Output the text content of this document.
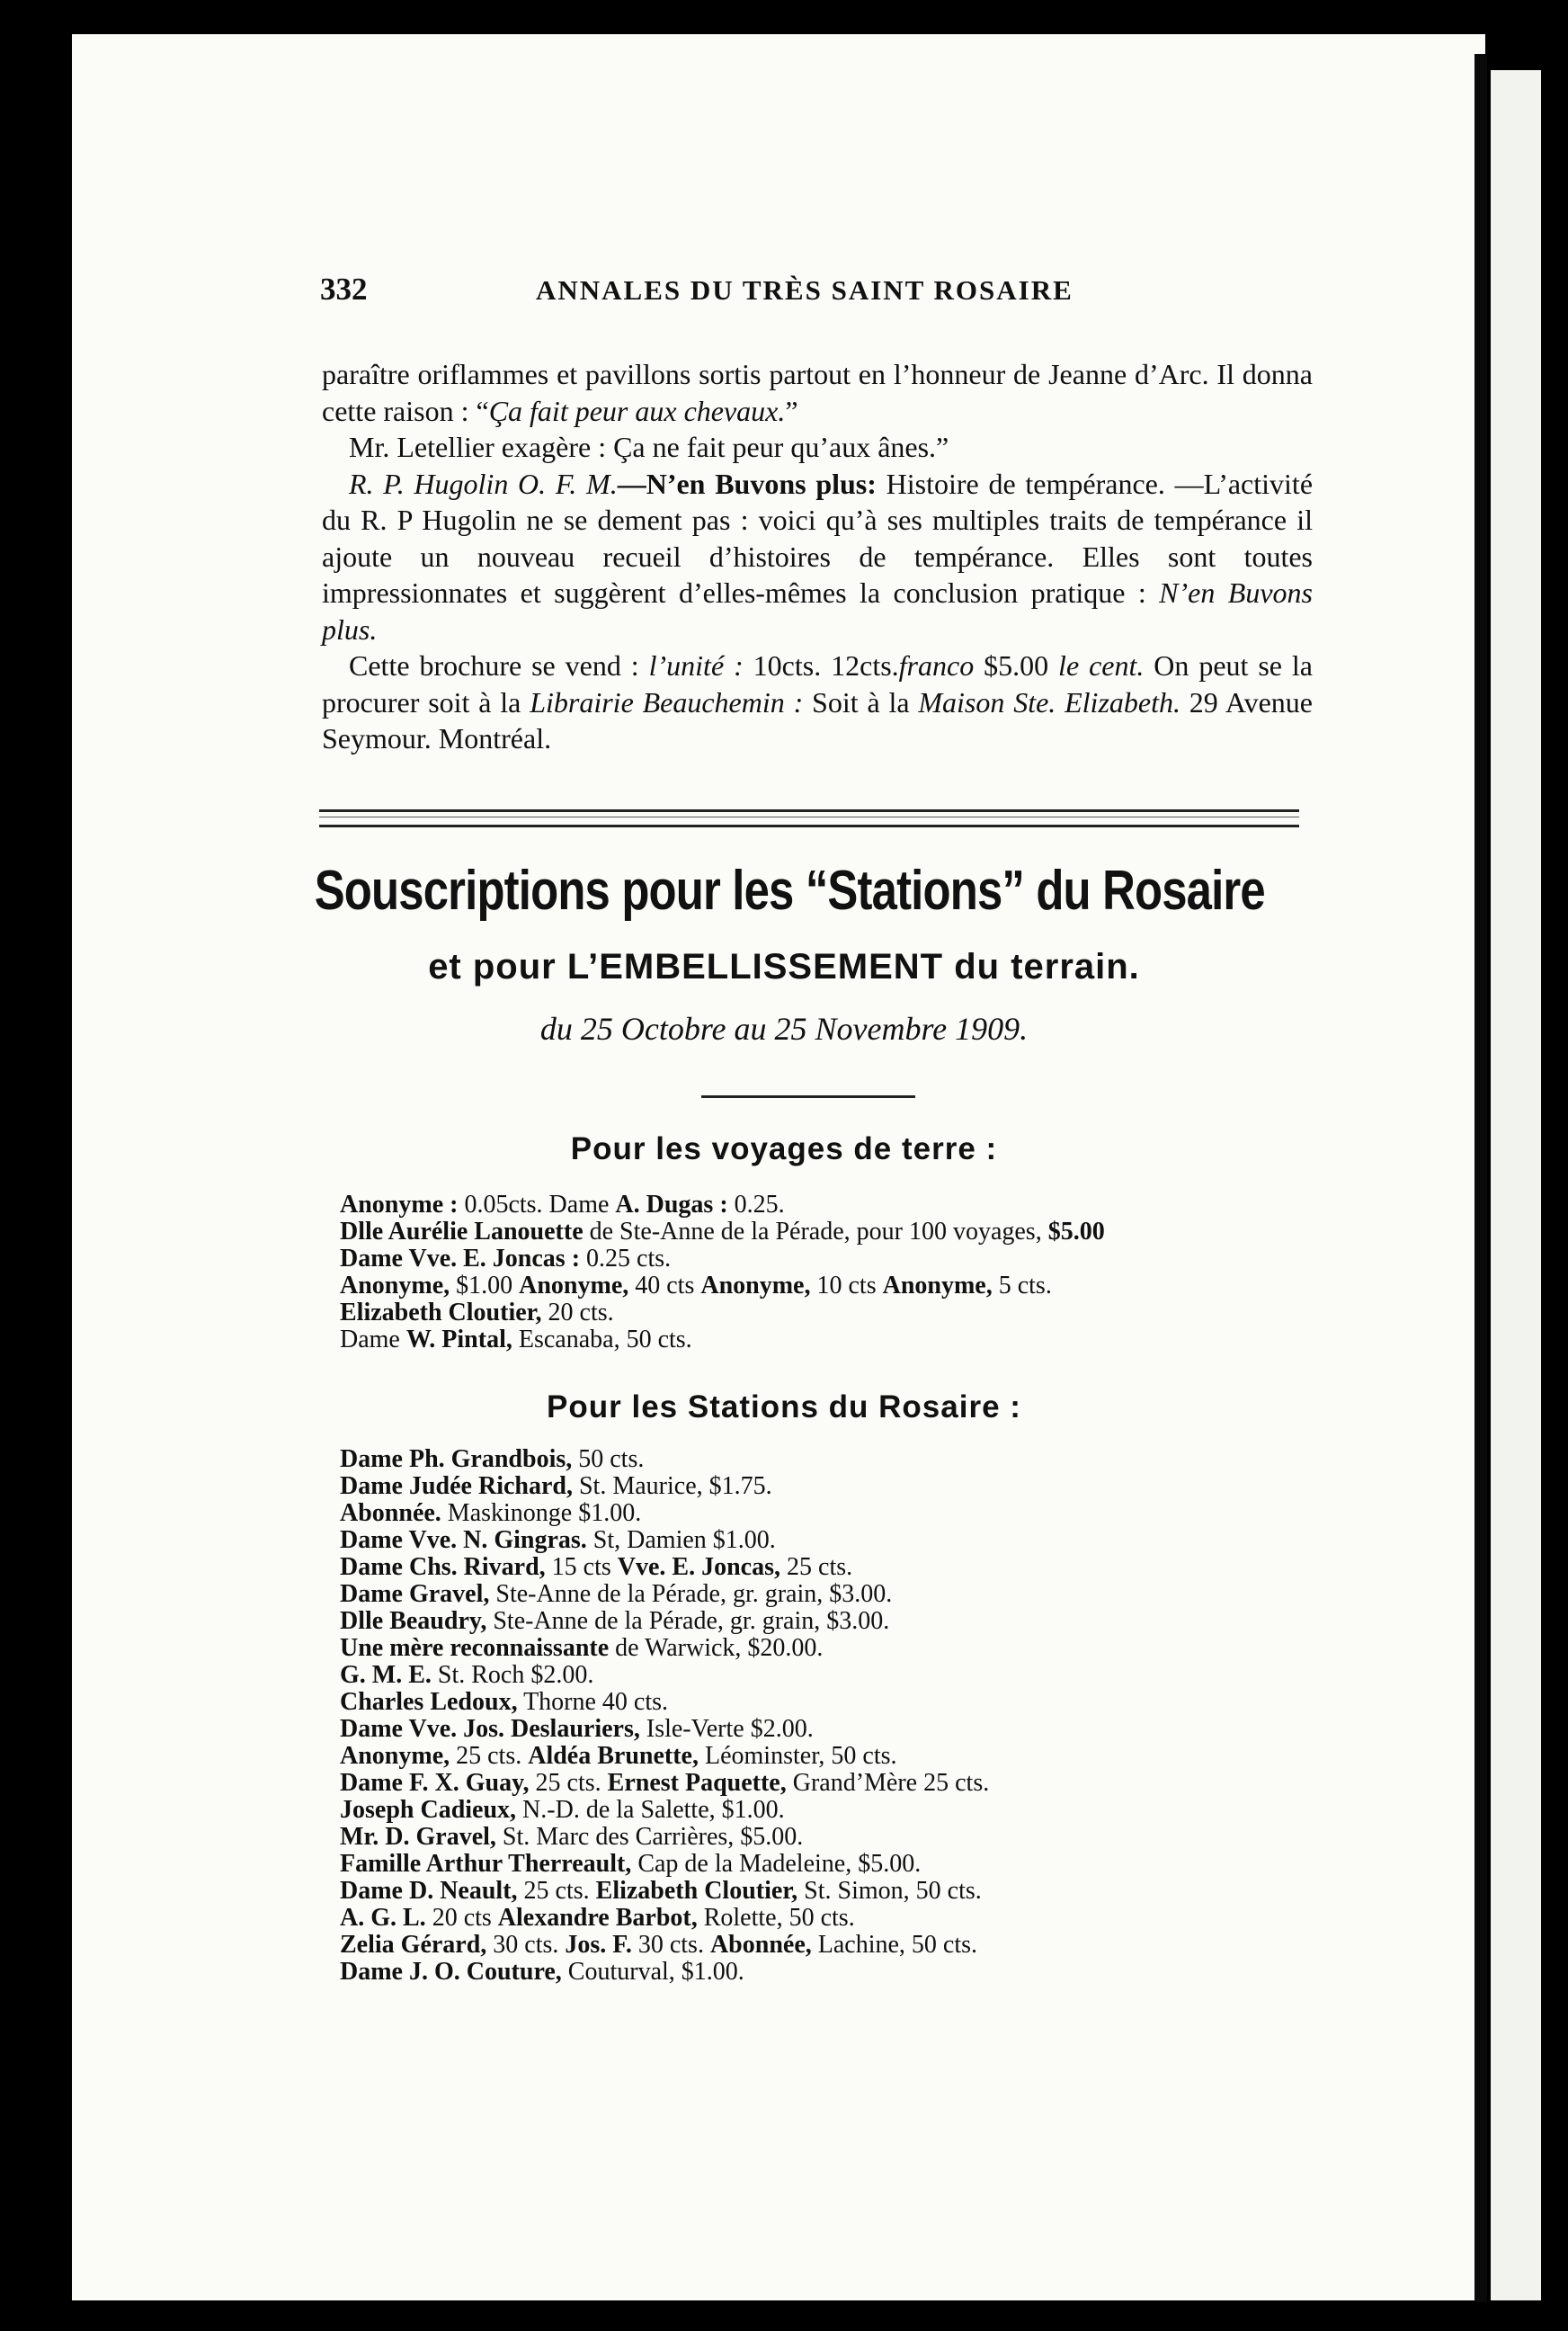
332	ANNALES DU TRÈS SAINT ROSAIRE

paraître oriflammes et pavillons sortis partout en l’honneur de Jeanne d’Arc. Il donna cette raison : “Ça fait peur aux chevaux.”

Mr. Letellier exagère : Ça ne fait peur qu’aux ânes.”

R. P. Hugolin O. F. M.—N’en Buvons plus: Histoire de tempérance. —L’activité du R. P Hugolin ne se dement pas : voici qu’à ses multiples traits de tempérance il ajoute un nouveau recueil d’histoires de tempérance. Elles sont toutes impressionnates et suggèrent d’elles-mêmes la conclusion pratique : N’en Buvons plus.

Cette brochure se vend : l’unité : 10cts. 12cts.franco $5.00 le cent. On peut se la procurer soit à la Librairie Beauchemin : Soit à la Maison Ste. Elizabeth. 29 Avenue Seymour. Montréal.

Souscriptions pour les “Stations” du Rosaire
et pour L’EMBELLISSEMENT du terrain.
du 25 Octobre au 25 Novembre 1909.
Pour les voyages de terre :
Anonyme : 0.05cts. Dame A. Dugas : 0.25.
Dlle Aurélie Lanouette de Ste-Anne de la Pérade, pour 100 voyages, $5.00
Dame Vve. E. Joncas : 0.25 cts.
Anonyme, $1.00 Anonyme, 40 cts Anonyme, 10 cts Anonyme, 5 cts.
Elizabeth Cloutier, 20 cts.
Dame W. Pintal, Escanaba, 50 cts.
Pour les Stations du Rosaire :
Dame Ph. Grandbois, 50 cts.
Dame Judée Richard, St. Maurice, $1.75.
Abonnée. Maskinonge $1.00.
Dame Vve. N. Gingras. St, Damien $1.00.
Dame Chs. Rivard, 15 cts Vve. E. Joncas, 25 cts.
Dame Gravel, Ste-Anne de la Pérade, gr. grain, $3.00.
Dlle Beaudry, Ste-Anne de la Pérade, gr. grain, $3.00.
Une mère reconnaissante de Warwick, $20.00.
G. M. E. St. Roch $2.00.
Charles Ledoux, Thorne 40 cts.
Dame Vve. Jos. Deslauriers, Isle-Verte $2.00.
Anonyme, 25 cts. Aldéa Brunette, Léominster, 50 cts.
Dame F. X. Guay, 25 cts. Ernest Paquette, Grand’Mère 25 cts.
Joseph Cadieux, N.-D. de la Salette, $1.00.
Mr. D. Gravel, St. Marc des Carrières, $5.00.
Famille Arthur Therreault, Cap de la Madeleine, $5.00.
Dame D. Neault, 25 cts. Elizabeth Cloutier, St. Simon, 50 cts.
A. G. L. 20 cts Alexandre Barbot, Rolette, 50 cts.
Zelia Gérard, 30 cts. Jos. F. 30 cts. Abonnée, Lachine, 50 cts.
Dame J. O. Couture, Couturval, $1.00.
